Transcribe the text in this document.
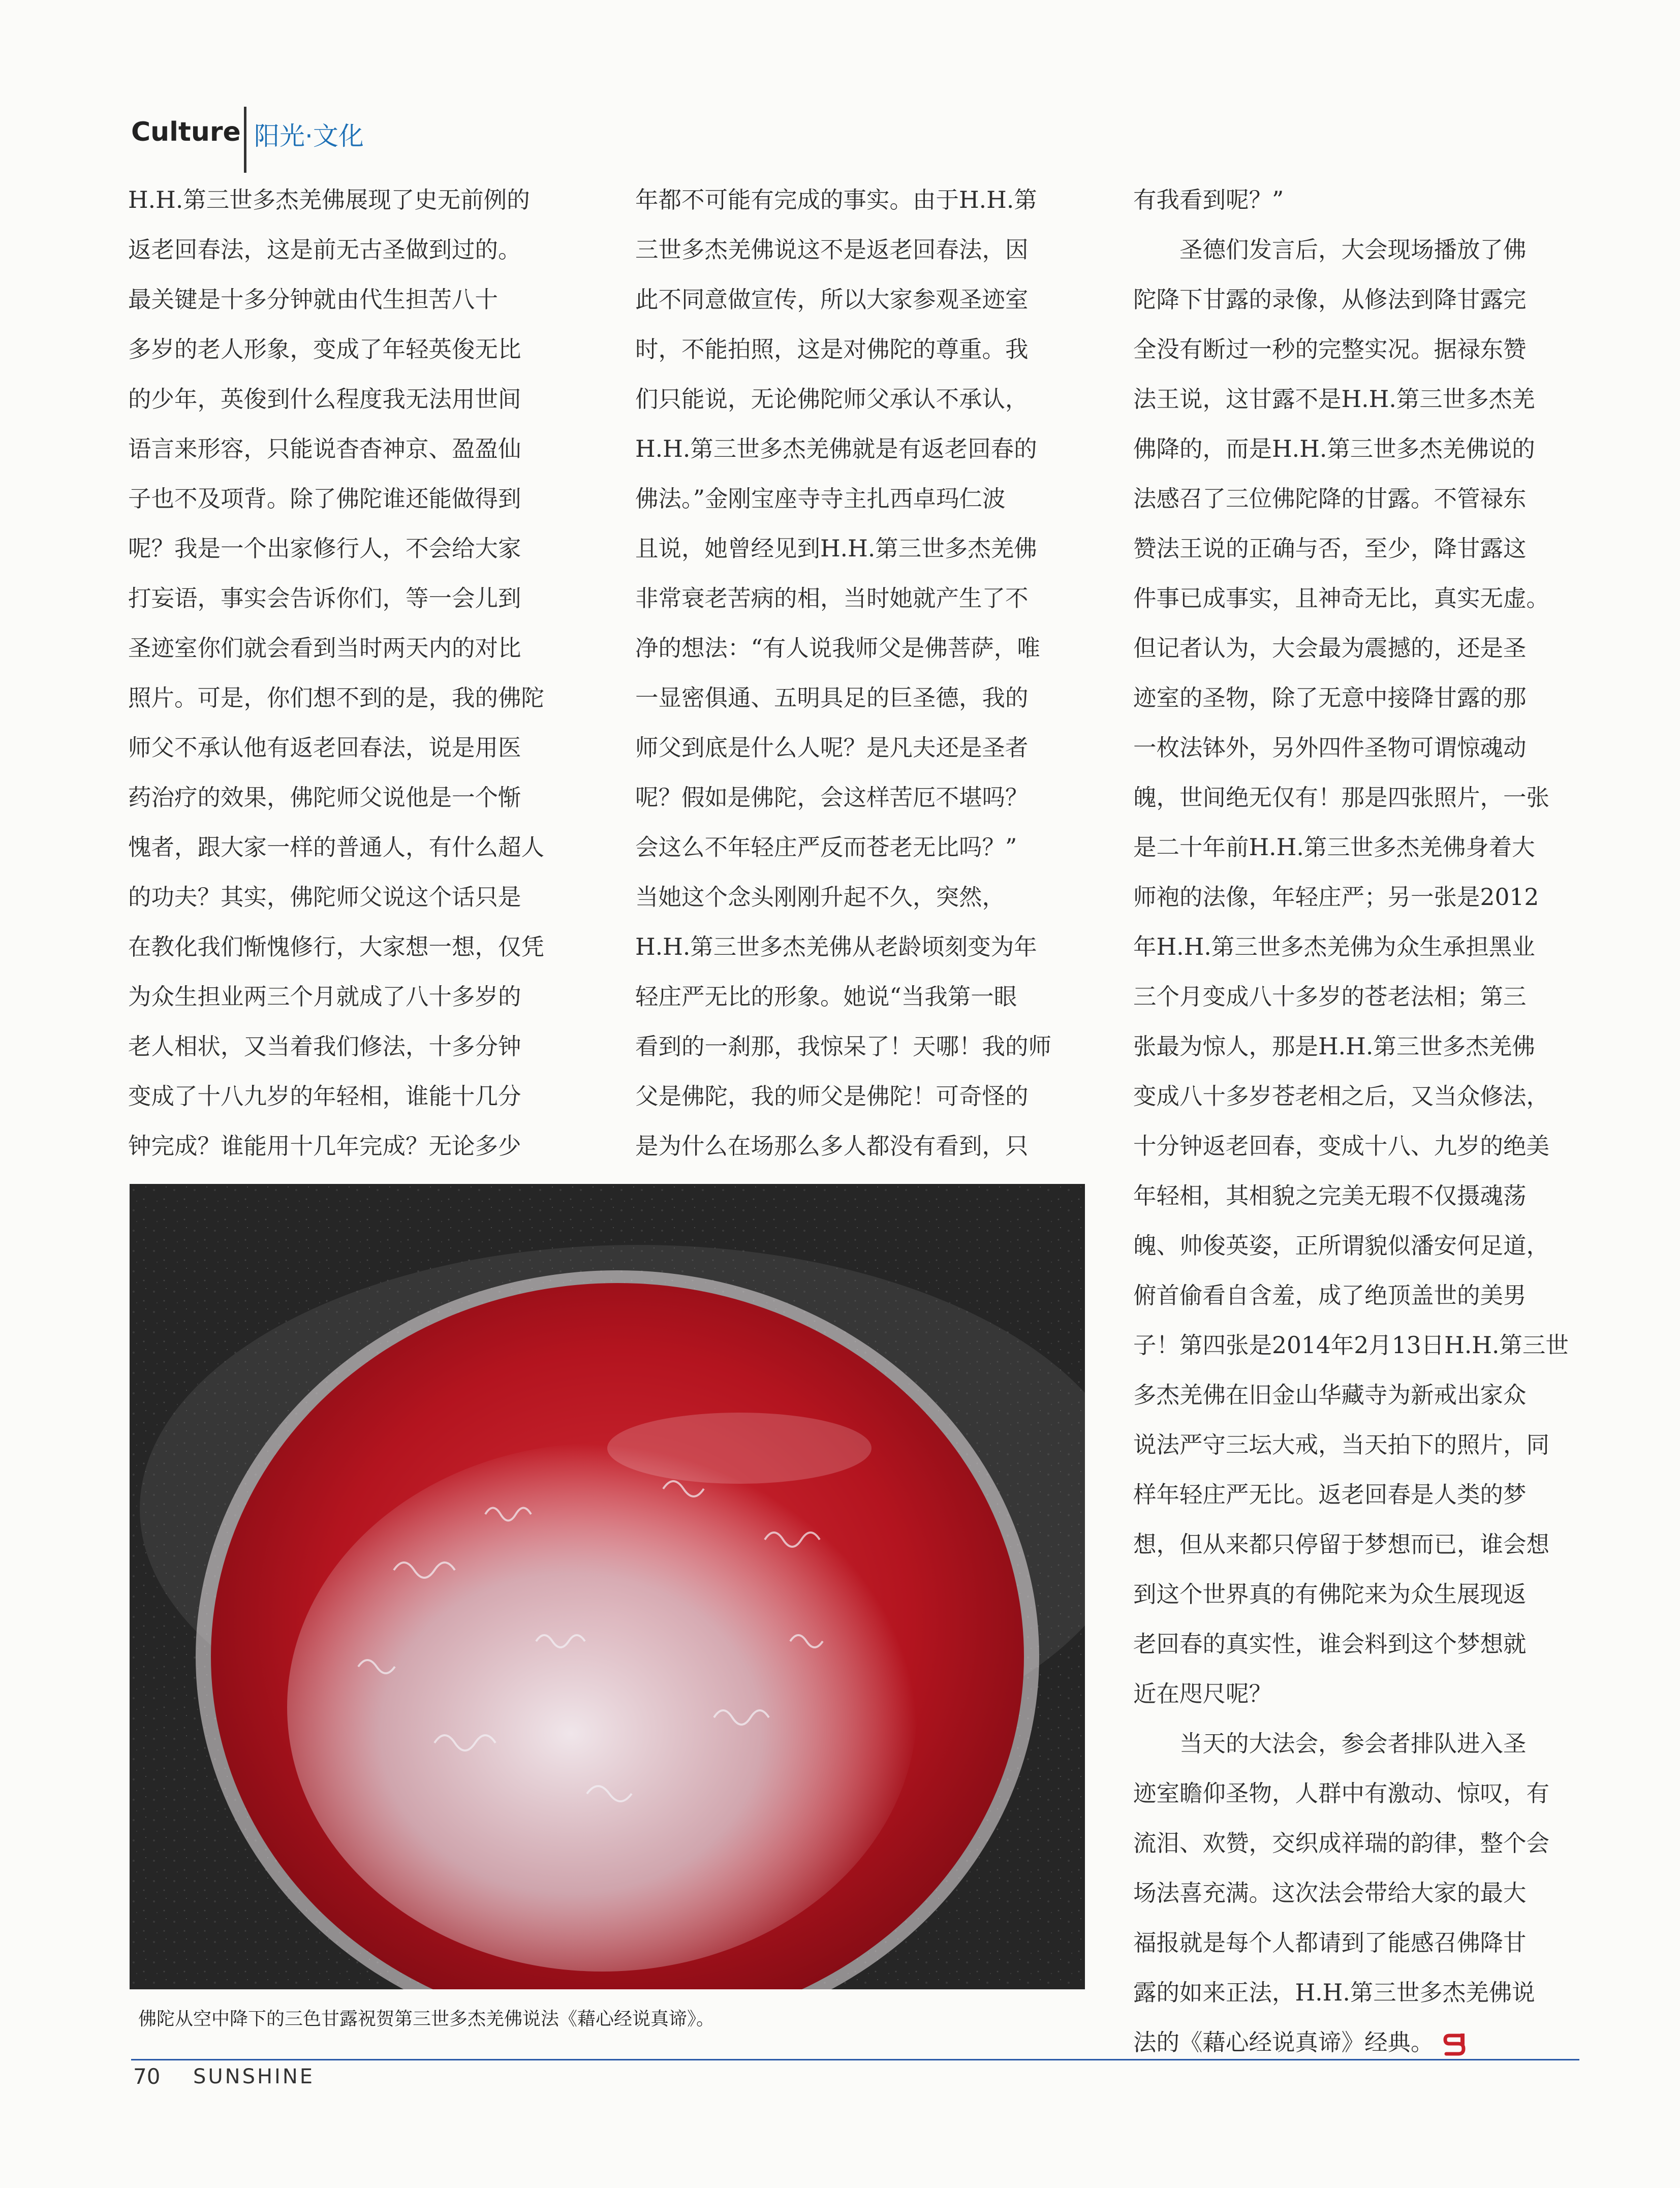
Culture 阳光·文化
H.H.第三世多杰羌佛展现了史无前例的
返老回春法，这是前无古圣做到过的。
最关键是十多分钟就由代生担苦八十
多岁的老人形象，变成了年轻英俊无比
的少年，英俊到什么程度我无法用世间
语言来形容，只能说杳杳神京、盈盈仙
子也不及项背。除了佛陀谁还能做得到
呢？我是一个出家修行人，不会给大家
打妄语，事实会告诉你们，等一会儿到
圣迹室你们就会看到当时两天内的对比
照片。可是，你们想不到的是，我的佛陀
师父不承认他有返老回春法，说是用医
药治疗的效果，佛陀师父说他是一个惭
愧者，跟大家一样的普通人，有什么超人
的功夫？其实，佛陀师父说这个话只是
在教化我们惭愧修行，大家想一想，仅凭
为众生担业两三个月就成了八十多岁的
老人相状，又当着我们修法，十多分钟
变成了十八九岁的年轻相，谁能十几分
钟完成？谁能用十几年完成？无论多少
年都不可能有完成的事实。由于H.H.第
三世多杰羌佛说这不是返老回春法，因
此不同意做宣传，所以大家参观圣迹室
时，不能拍照，这是对佛陀的尊重。我
们只能说，无论佛陀师父承认不承认，
H.H.第三世多杰羌佛就是有返老回春的
佛法。”金刚宝座寺寺主扎西卓玛仁波
且说，她曾经见到H.H.第三世多杰羌佛
非常衰老苦病的相，当时她就产生了不
净的想法：“有人说我师父是佛菩萨，唯
一显密俱通、五明具足的巨圣德，我的
师父到底是什么人呢？是凡夫还是圣者
呢？假如是佛陀，会这样苦厄不堪吗？
会这么不年轻庄严反而苍老无比吗？”
当她这个念头刚刚升起不久，突然，
H.H.第三世多杰羌佛从老龄顷刻变为年
轻庄严无比的形象。她说“当我第一眼
看到的一刹那，我惊呆了！天哪！我的师
父是佛陀，我的师父是佛陀！可奇怪的
是为什么在场那么多人都没有看到，只
有我看到呢？”
　　圣德们发言后，大会现场播放了佛
陀降下甘露的录像，从修法到降甘露完
全没有断过一秒的完整实况。据禄东赞
法王说，这甘露不是H.H.第三世多杰羌
佛降的，而是H.H.第三世多杰羌佛说的
法感召了三位佛陀降的甘露。不管禄东
赞法王说的正确与否，至少，降甘露这
件事已成事实，且神奇无比，真实无虚。
但记者认为，大会最为震撼的，还是圣
迹室的圣物，除了无意中接降甘露的那
一枚法钵外，另外四件圣物可谓惊魂动
魄，世间绝无仅有！那是四张照片，一张
是二十年前H.H.第三世多杰羌佛身着大
师袍的法像，年轻庄严；另一张是2012
年H.H.第三世多杰羌佛为众生承担黑业
三个月变成八十多岁的苍老法相；第三
张最为惊人，那是H.H.第三世多杰羌佛
变成八十多岁苍老相之后，又当众修法，
十分钟返老回春，变成十八、九岁的绝美
年轻相，其相貌之完美无瑕不仅摄魂荡
魄、帅俊英姿，正所谓貌似潘安何足道，
俯首偷看自含羞，成了绝顶盖世的美男
子！第四张是2014年2月13日H.H.第三世
多杰羌佛在旧金山华藏寺为新戒出家众
说法严守三坛大戒，当天拍下的照片，同
样年轻庄严无比。返老回春是人类的梦
想，但从来都只停留于梦想而已，谁会想
到这个世界真的有佛陀来为众生展现返
老回春的真实性，谁会料到这个梦想就
近在咫尺呢？
　　当天的大法会，参会者排队进入圣
迹室瞻仰圣物，人群中有激动、惊叹，有
流泪、欢赞，交织成祥瑞的韵律，整个会
场法喜充满。这次法会带给大家的最大
福报就是每个人都请到了能感召佛降甘
露的如来正法，H.H.第三世多杰羌佛说
法的《藉心经说真谛》经典。
佛陀从空中降下的三色甘露祝贺第三世多杰羌佛说法《藉心经说真谛》。
70 SUNSHINE
